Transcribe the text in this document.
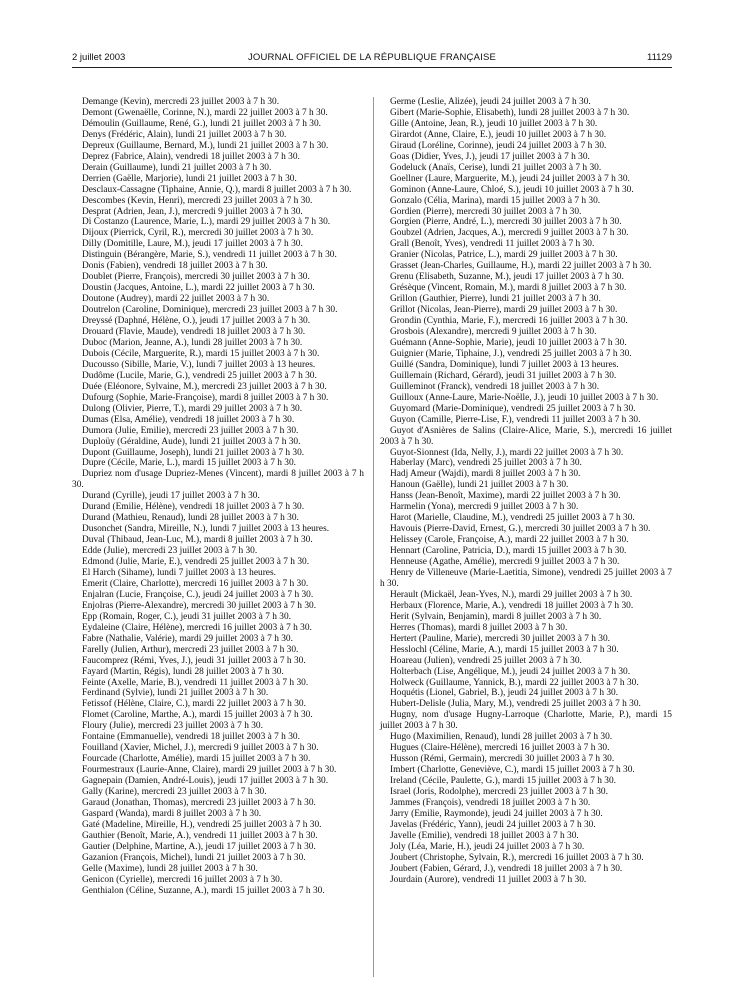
2 juillet 2003	JOURNAL OFFICIEL DE LA RÉPUBLIQUE FRANÇAISE	11129
Demange (Kevin), mercredi 23 juillet 2003 à 7 h 30.
Demont (Gwenaëlle, Corinne, N.), mardi 22 juillet 2003 à 7 h 30.
Démoulin (Guillaume, René, G.), lundi 21 juillet 2003 à 7 h 30.
Denys (Frédéric, Alain), lundi 21 juillet 2003 à 7 h 30.
Depreux (Guillaume, Bernard, M.), lundi 21 juillet 2003 à 7 h 30.
Deprez (Fabrice, Alain), vendredi 18 juillet 2003 à 7 h 30.
Derain (Guillaume), lundi 21 juillet 2003 à 7 h 30.
Derrien (Gaëlle, Marjorie), lundi 21 juillet 2003 à 7 h 30.
Desclaux-Cassagne (Tiphaine, Annie, Q.), mardi 8 juillet 2003 à 7 h 30.
Descombes (Kevin, Henri), mercredi 23 juillet 2003 à 7 h 30.
Desprat (Adrien, Jean, J.), mercredi 9 juillet 2003 à 7 h 30.
Di Costanzo (Laurence, Marie, L.), mardi 29 juillet 2003 à 7 h 30.
Dijoux (Pierrick, Cyril, R.), mercredi 30 juillet 2003 à 7 h 30.
Dilly (Domitille, Laure, M.), jeudi 17 juillet 2003 à 7 h 30.
Distinguin (Bérangère, Marie, S.), vendredi 11 juillet 2003 à 7 h 30.
Donis (Fabien), vendredi 18 juillet 2003 à 7 h 30.
Doublet (Pierre, François), mercredi 30 juillet 2003 à 7 h 30.
Doustin (Jacques, Antoine, L.), mardi 22 juillet 2003 à 7 h 30.
Doutone (Audrey), mardi 22 juillet 2003 à 7 h 30.
Doutrelon (Caroline, Dominique), mercredi 23 juillet 2003 à 7 h 30.
Dreyssé (Daphné, Hélène, O.), jeudi 17 juillet 2003 à 7 h 30.
Drouard (Flavie, Maude), vendredi 18 juillet 2003 à 7 h 30.
Duboc (Marion, Jeanne, A.), lundi 28 juillet 2003 à 7 h 30.
Dubois (Cécile, Marguerite, R.), mardi 15 juillet 2003 à 7 h 30.
Ducousso (Sibille, Marie, V.), lundi 7 juillet 2003 à 13 heures.
Dudôme (Lucile, Marie, G.), vendredi 25 juillet 2003 à 7 h 30.
Duée (Eléonore, Sylvaine, M.), mercredi 23 juillet 2003 à 7 h 30.
Dufourg (Sophie, Marie-Françoise), mardi 8 juillet 2003 à 7 h 30.
Dulong (Olivier, Pierre, T.), mardi 29 juillet 2003 à 7 h 30.
Dumas (Elsa, Amélie), vendredi 18 juillet 2003 à 7 h 30.
Dumora (Julie, Emilie), mercredi 23 juillet 2003 à 7 h 30.
Duploüy (Géraldine, Aude), lundi 21 juillet 2003 à 7 h 30.
Dupont (Guillaume, Joseph), lundi 21 juillet 2003 à 7 h 30.
Dupre (Cécile, Marie, L.), mardi 15 juillet 2003 à 7 h 30.
Dupriez nom d'usage Dupriez-Menes (Vincent), mardi 8 juillet 2003 à 7 h 30.
Durand (Cyrille), jeudi 17 juillet 2003 à 7 h 30.
Durand (Emilie, Hélène), vendredi 18 juillet 2003 à 7 h 30.
Durand (Mathieu, Renaud), lundi 28 juillet 2003 à 7 h 30.
Dusonchet (Sandra, Mireille, N.), lundi 7 juillet 2003 à 13 heures.
Duval (Thibaud, Jean-Luc, M.), mardi 8 juillet 2003 à 7 h 30.
Edde (Julie), mercredi 23 juillet 2003 à 7 h 30.
Edmond (Julie, Marie, E.), vendredi 25 juillet 2003 à 7 h 30.
El Harch (Sihame), lundi 7 juillet 2003 à 13 heures.
Emerit (Claire, Charlotte), mercredi 16 juillet 2003 à 7 h 30.
Enjalran (Lucie, Françoise, C.), jeudi 24 juillet 2003 à 7 h 30.
Enjolras (Pierre-Alexandre), mercredi 30 juillet 2003 à 7 h 30.
Epp (Romain, Roger, C.), jeudi 31 juillet 2003 à 7 h 30.
Eydaleine (Claire, Hélène), mercredi 16 juillet 2003 à 7 h 30.
Fabre (Nathalie, Valérie), mardi 29 juillet 2003 à 7 h 30.
Farelly (Julien, Arthur), mercredi 23 juillet 2003 à 7 h 30.
Faucomprez (Rémi, Yves, J.), jeudi 31 juillet 2003 à 7 h 30.
Fayard (Martin, Régis), lundi 28 juillet 2003 à 7 h 30.
Feinte (Axelle, Marie, B.), vendredi 11 juillet 2003 à 7 h 30.
Ferdinand (Sylvie), lundi 21 juillet 2003 à 7 h 30.
Fetissof (Hélène, Claire, C.), mardi 22 juillet 2003 à 7 h 30.
Flomet (Caroline, Marthe, A.), mardi 15 juillet 2003 à 7 h 30.
Floury (Julie), mercredi 23 juillet 2003 à 7 h 30.
Fontaine (Emmanuelle), vendredi 18 juillet 2003 à 7 h 30.
Fouilland (Xavier, Michel, J.), mercredi 9 juillet 2003 à 7 h 30.
Fourcade (Charlotte, Amélie), mardi 15 juillet 2003 à 7 h 30.
Fourmestraux (Laurie-Anne, Claire), mardi 29 juillet 2003 à 7 h 30.
Gagnepain (Damien, André-Louis), jeudi 17 juillet 2003 à 7 h 30.
Gally (Karine), mercredi 23 juillet 2003 à 7 h 30.
Garaud (Jonathan, Thomas), mercredi 23 juillet 2003 à 7 h 30.
Gaspard (Wanda), mardi 8 juillet 2003 à 7 h 30.
Gaté (Madeline, Mireille, H.), vendredi 25 juillet 2003 à 7 h 30.
Gauthier (Benoît, Marie, A.), vendredi 11 juillet 2003 à 7 h 30.
Gautier (Delphine, Martine, A.), jeudi 17 juillet 2003 à 7 h 30.
Gazanion (François, Michel), lundi 21 juillet 2003 à 7 h 30.
Gelle (Maxime), lundi 28 juillet 2003 à 7 h 30.
Genicon (Cyrielle), mercredi 16 juillet 2003 à 7 h 30.
Genthialon (Céline, Suzanne, A.), mardi 15 juillet 2003 à 7 h 30.
Germe (Leslie, Alizée), jeudi 24 juillet 2003 à 7 h 30.
Gibert (Marie-Sophie, Elisabeth), lundi 28 juillet 2003 à 7 h 30.
Gille (Antoine, Jean, R.), jeudi 10 juillet 2003 à 7 h 30.
Girardot (Anne, Claire, E.), jeudi 10 juillet 2003 à 7 h 30.
Giraud (Loréline, Corinne), jeudi 24 juillet 2003 à 7 h 30.
Goas (Didier, Yves, J.), jeudi 17 juillet 2003 à 7 h 30.
Godeluck (Anaïs, Cerise), lundi 21 juillet 2003 à 7 h 30.
Goellner (Laure, Marguerite, M.), jeudi 24 juillet 2003 à 7 h 30.
Gominon (Anne-Laure, Chloé, S.), jeudi 10 juillet 2003 à 7 h 30.
Gonzalo (Célia, Marina), mardi 15 juillet 2003 à 7 h 30.
Gordien (Pierre), mercredi 30 juillet 2003 à 7 h 30.
Gorgien (Pierre, André, L.), mercredi 30 juillet 2003 à 7 h 30.
Goubzel (Adrien, Jacques, A.), mercredi 9 juillet 2003 à 7 h 30.
Grall (Benoît, Yves), vendredi 11 juillet 2003 à 7 h 30.
Granier (Nicolas, Patrice, L.), mardi 29 juillet 2003 à 7 h 30.
Grasset (Jean-Charles, Guillaume, H.), mardi 22 juillet 2003 à 7 h 30.
Grenu (Elisabeth, Suzanne, M.), jeudi 17 juillet 2003 à 7 h 30.
Grésèque (Vincent, Romain, M.), mardi 8 juillet 2003 à 7 h 30.
Grillon (Gauthier, Pierre), lundi 21 juillet 2003 à 7 h 30.
Grillot (Nicolas, Jean-Pierre), mardi 29 juillet 2003 à 7 h 30.
Grondin (Cynthia, Marie, F.), mercredi 16 juillet 2003 à 7 h 30.
Grosbois (Alexandre), mercredi 9 juillet 2003 à 7 h 30.
Guémann (Anne-Sophie, Marie), jeudi 10 juillet 2003 à 7 h 30.
Guignier (Marie, Tiphaine, J.), vendredi 25 juillet 2003 à 7 h 30.
Guillé (Sandra, Dominique), lundi 7 juillet 2003 à 13 heures.
Guillemain (Richard, Gérard), jeudi 31 juillet 2003 à 7 h 30.
Guilleminot (Franck), vendredi 18 juillet 2003 à 7 h 30.
Guilloux (Anne-Laure, Marie-Noëlle, J.), jeudi 10 juillet 2003 à 7 h 30.
Guyomard (Marie-Dominique), vendredi 25 juillet 2003 à 7 h 30.
Guyon (Camille, Pierre-Lise, F.), vendredi 11 juillet 2003 à 7 h 30.
Guyot d'Asnières de Salins (Claire-Alice, Marie, S.), mercredi 16 juillet 2003 à 7 h 30.
Guyot-Sionnest (Ida, Nelly, J.), mardi 22 juillet 2003 à 7 h 30.
Haberlay (Marc), vendredi 25 juillet 2003 à 7 h 30.
Hadj Ameur (Wajdi), mardi 8 juillet 2003 à 7 h 30.
Hanoun (Gaëlle), lundi 21 juillet 2003 à 7 h 30.
Hanss (Jean-Benoît, Maxime), mardi 22 juillet 2003 à 7 h 30.
Harmelin (Yona), mercredi 9 juillet 2003 à 7 h 30.
Harot (Marielle, Claudine, M.), vendredi 25 juillet 2003 à 7 h 30.
Havouis (Pierre-David, Ernest, G.), mercredi 30 juillet 2003 à 7 h 30.
Helissey (Carole, Françoise, A.), mardi 22 juillet 2003 à 7 h 30.
Hennart (Caroline, Patricia, D.), mardi 15 juillet 2003 à 7 h 30.
Henneuse (Agathe, Amélie), mercredi 9 juillet 2003 à 7 h 30.
Henry de Villeneuve (Marie-Laetitia, Simone), vendredi 25 juillet 2003 à 7 h 30.
Herault (Mickaël, Jean-Yves, N.), mardi 29 juillet 2003 à 7 h 30.
Herbaux (Florence, Marie, A.), vendredi 18 juillet 2003 à 7 h 30.
Herit (Sylvain, Benjamin), mardi 8 juillet 2003 à 7 h 30.
Herres (Thomas), mardi 8 juillet 2003 à 7 h 30.
Hertert (Pauline, Marie), mercredi 30 juillet 2003 à 7 h 30.
Hesslochl (Céline, Marie, A.), mardi 15 juillet 2003 à 7 h 30.
Hoareau (Julien), vendredi 25 juillet 2003 à 7 h 30.
Holterbach (Lise, Angélique, M.), jeudi 24 juillet 2003 à 7 h 30.
Holweck (Guillaume, Yannick, B.), mardi 22 juillet 2003 à 7 h 30.
Hoquétis (Lionel, Gabriel, B.), jeudi 24 juillet 2003 à 7 h 30.
Hubert-Delisle (Julia, Mary, M.), vendredi 25 juillet 2003 à 7 h 30.
Hugny, nom d'usage Hugny-Larroque (Charlotte, Marie, P.), mardi 15 juillet 2003 à 7 h 30.
Hugo (Maximilien, Renaud), lundi 28 juillet 2003 à 7 h 30.
Hugues (Claire-Hélène), mercredi 16 juillet 2003 à 7 h 30.
Husson (Rémi, Germain), mercredi 30 juillet 2003 à 7 h 30.
Imbert (Charlotte, Geneviève, C.), mardi 15 juillet 2003 à 7 h 30.
Ireland (Cécile, Paulette, G.), mardi 15 juillet 2003 à 7 h 30.
Israel (Joris, Rodolphe), mercredi 23 juillet 2003 à 7 h 30.
Jammes (François), vendredi 18 juillet 2003 à 7 h 30.
Jarry (Emilie, Raymonde), jeudi 24 juillet 2003 à 7 h 30.
Javelas (Frédéric, Yann), jeudi 24 juillet 2003 à 7 h 30.
Javelle (Emilie), vendredi 18 juillet 2003 à 7 h 30.
Joly (Léa, Marie, H.), jeudi 24 juillet 2003 à 7 h 30.
Joubert (Christophe, Sylvain, R.), mercredi 16 juillet 2003 à 7 h 30.
Joubert (Fabien, Gérard, J.), vendredi 18 juillet 2003 à 7 h 30.
Jourdain (Aurore), vendredi 11 juillet 2003 à 7 h 30.
